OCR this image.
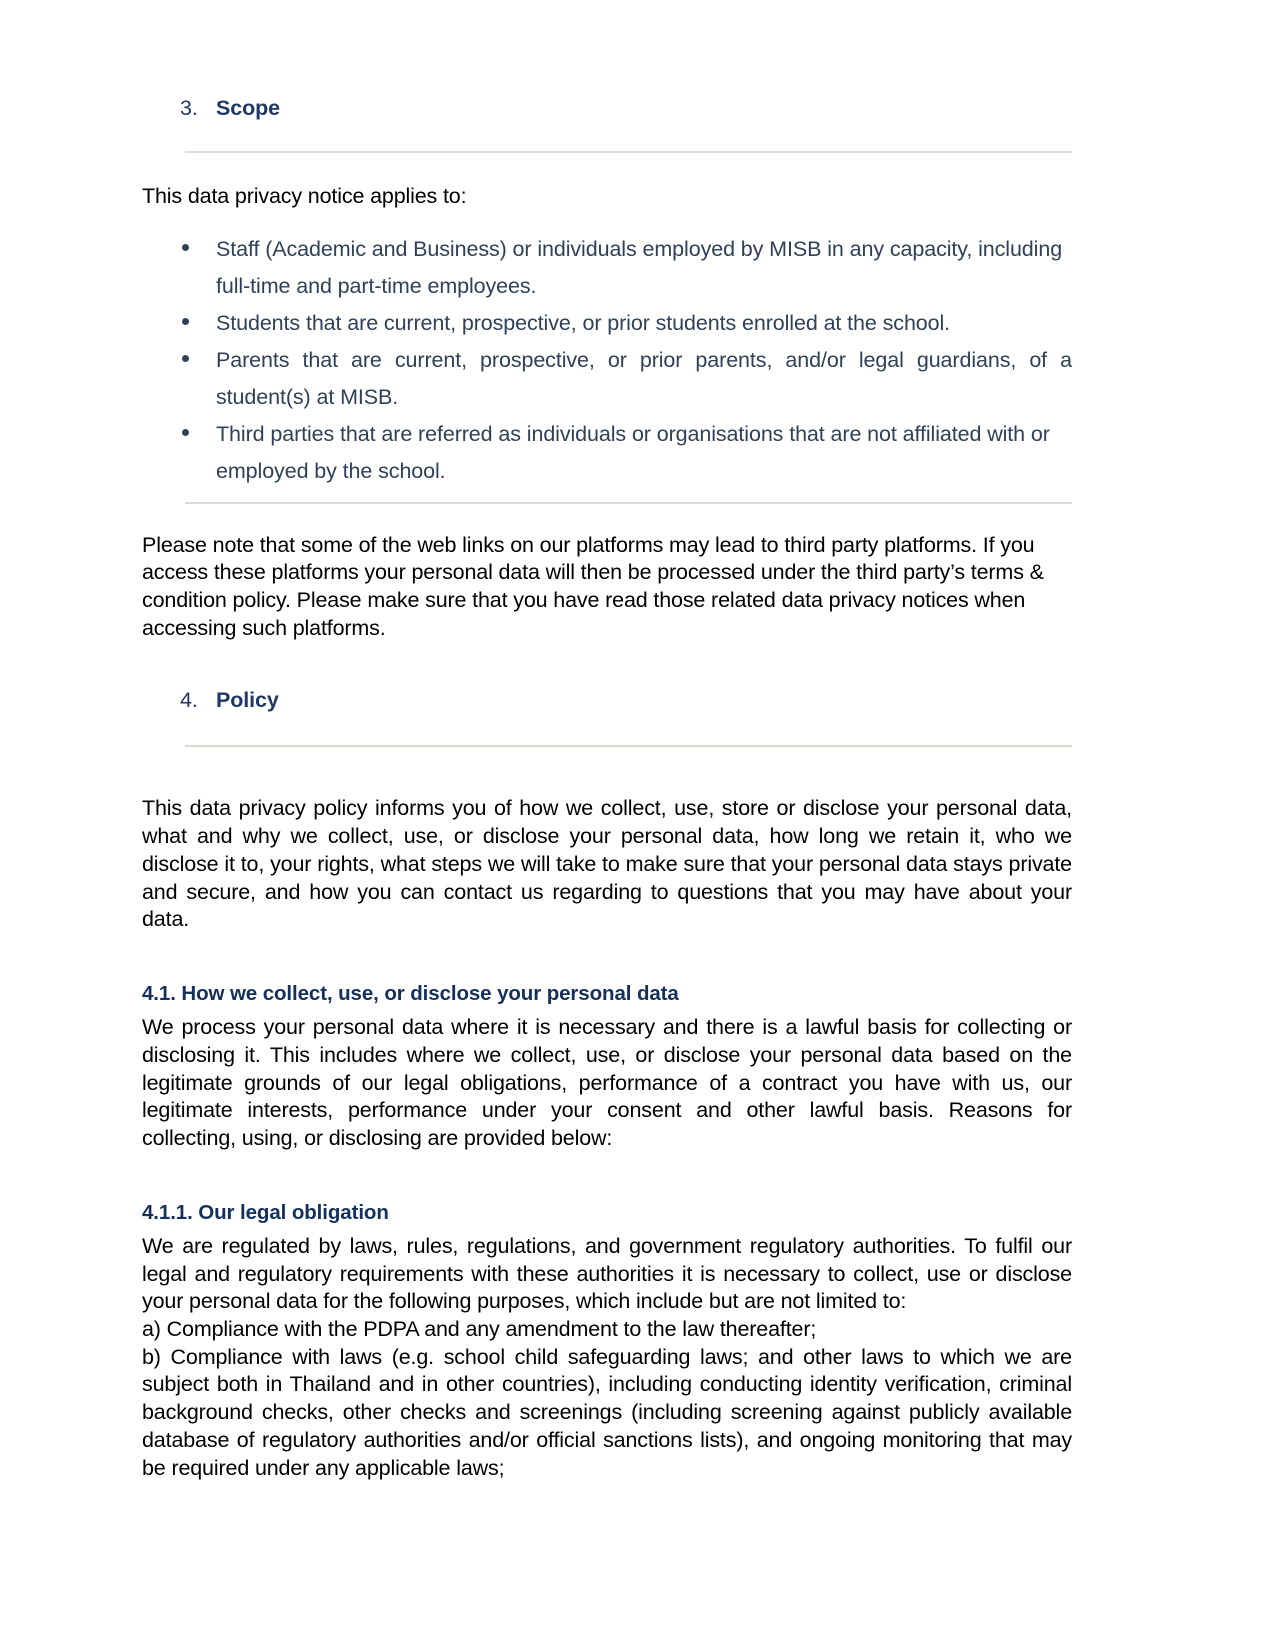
3. Scope

This data privacy notice applies to:

Staff (Academic and Business) or individuals employed by MISB in any capacity, including full-time and part-time employees.
Students that are current, prospective, or prior students enrolled at the school.
Parents that are current, prospective, or prior parents, and/or legal guardians, of a student(s) at MISB.
Third parties that are referred as individuals or organisations that are not affiliated with or employed by the school.

Please note that some of the web links on our platforms may lead to third party platforms. If you access these platforms your personal data will then be processed under the third party’s terms & condition policy. Please make sure that you have read those related data privacy notices when accessing such platforms.

4. Policy

This data privacy policy informs you of how we collect, use, store or disclose your personal data, what and why we collect, use, or disclose your personal data, how long we retain it, who we disclose it to, your rights, what steps we will take to make sure that your personal data stays private and secure, and how you can contact us regarding to questions that you may have about your data.

4.1. How we collect, use, or disclose your personal data

We process your personal data where it is necessary and there is a lawful basis for collecting or disclosing it. This includes where we collect, use, or disclose your personal data based on the legitimate grounds of our legal obligations, performance of a contract you have with us, our legitimate interests, performance under your consent and other lawful basis. Reasons for collecting, using, or disclosing are provided below:

4.1.1. Our legal obligation

We are regulated by laws, rules, regulations, and government regulatory authorities. To fulfil our legal and regulatory requirements with these authorities it is necessary to collect, use or disclose your personal data for the following purposes, which include but are not limited to:

a) Compliance with the PDPA and any amendment to the law thereafter;

b) Compliance with laws (e.g. school child safeguarding laws; and other laws to which we are subject both in Thailand and in other countries), including conducting identity verification, criminal background checks, other checks and screenings (including screening against publicly available database of regulatory authorities and/or official sanctions lists), and ongoing monitoring that may be required under any applicable laws;
